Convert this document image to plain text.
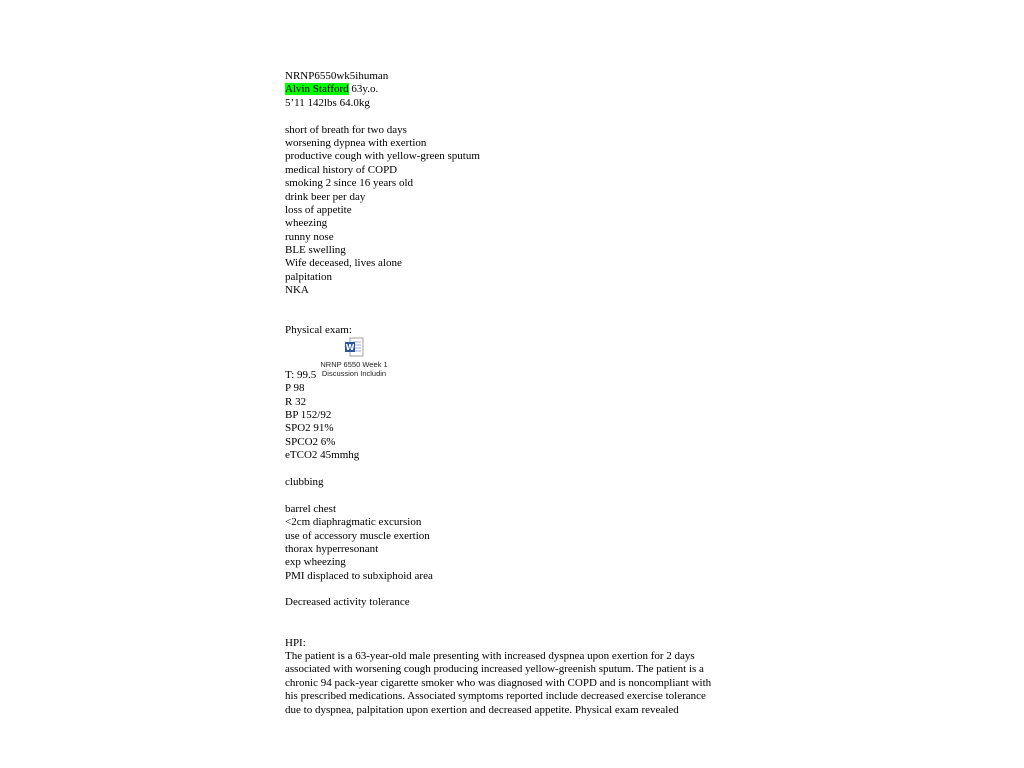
NRNP6550wk5ihuman
Alvin Stafford 63y.o.
5’11 142lbs 64.0kg
short of breath for two days
worsening dypnea with exertion
productive cough with yellow-green sputum
medical history of COPD
smoking 2 since 16 years old
drink beer per day
loss of appetite
wheezing
runny nose
BLE swelling
Wife deceased, lives alone
palpitation
NKA
Physical exam:
W
NRNP 6550 Week 1
Discussion Includin
T: 99.5
P 98
R 32
BP 152/92
SPO2 91%
SPCO2 6%
eTCO2 45mmhg
clubbing
barrel chest
<2cm diaphragmatic excursion
use of accessory muscle exertion
thorax hyperresonant
exp wheezing
PMI displaced to subxiphoid area
Decreased activity tolerance
HPI:
The patient is a 63-year-old male presenting with increased dyspnea upon exertion for 2 days
associated with worsening cough producing increased yellow-greenish sputum. The patient is a
chronic 94 pack-year cigarette smoker who was diagnosed with COPD and is noncompliant with
his prescribed medications. Associated symptoms reported include decreased exercise tolerance
due to dyspnea, palpitation upon exertion and decreased appetite. Physical exam revealed
